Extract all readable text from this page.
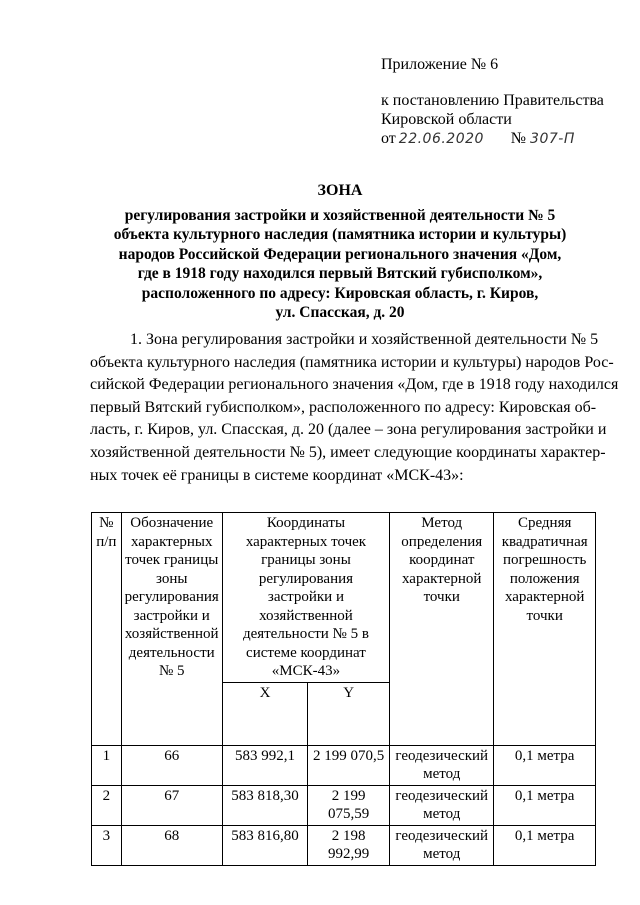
Приложение № 6
к постановлению Правительства
Кировской области
от 22.06.2020	№ 307-П
ЗОНА
регулирования застройки и хозяйственной деятельности № 5
объекта культурного наследия (памятника истории и культуры)
народов Российской Федерации регионального значения «Дом,
где в 1918 году находился первый Вятский губисполком»,
расположенного по адресу: Кировская область, г. Киров,
ул. Спасская, д. 20
1. Зона регулирования застройки и хозяйственной деятельности № 5
объекта культурного наследия (памятника истории и культуры) народов Рос-
сийской Федерации регионального значения «Дом, где в 1918 году находился
первый Вятский губисполком», расположенного по адресу: Кировская об-
ласть, г. Киров, ул. Спасская, д. 20 (далее – зона регулирования застройки и
хозяйственной деятельности № 5), имеет следующие координаты характер-
ных точек её границы в системе координат «МСК-43»:
№ п/п	Обозначение характерных точек границы зоны регулирования застройки и хозяйственной деятельности № 5	Координаты характерных точек границы зоны регулирования застройки и хозяйственной деятельности № 5 в системе координат «МСК-43»		Метод определения координат характерной точки	Средняя квадратичная погрешность положения характерной точки
		X	Y		
1	66	583 992,1	2 199 070,5	геодезический метод	0,1 метра
2	67	583 818,30	2 199 075,59	геодезический метод	0,1 метра
3	68	583 816,80	2 198 992,99	геодезический метод	0,1 метра
